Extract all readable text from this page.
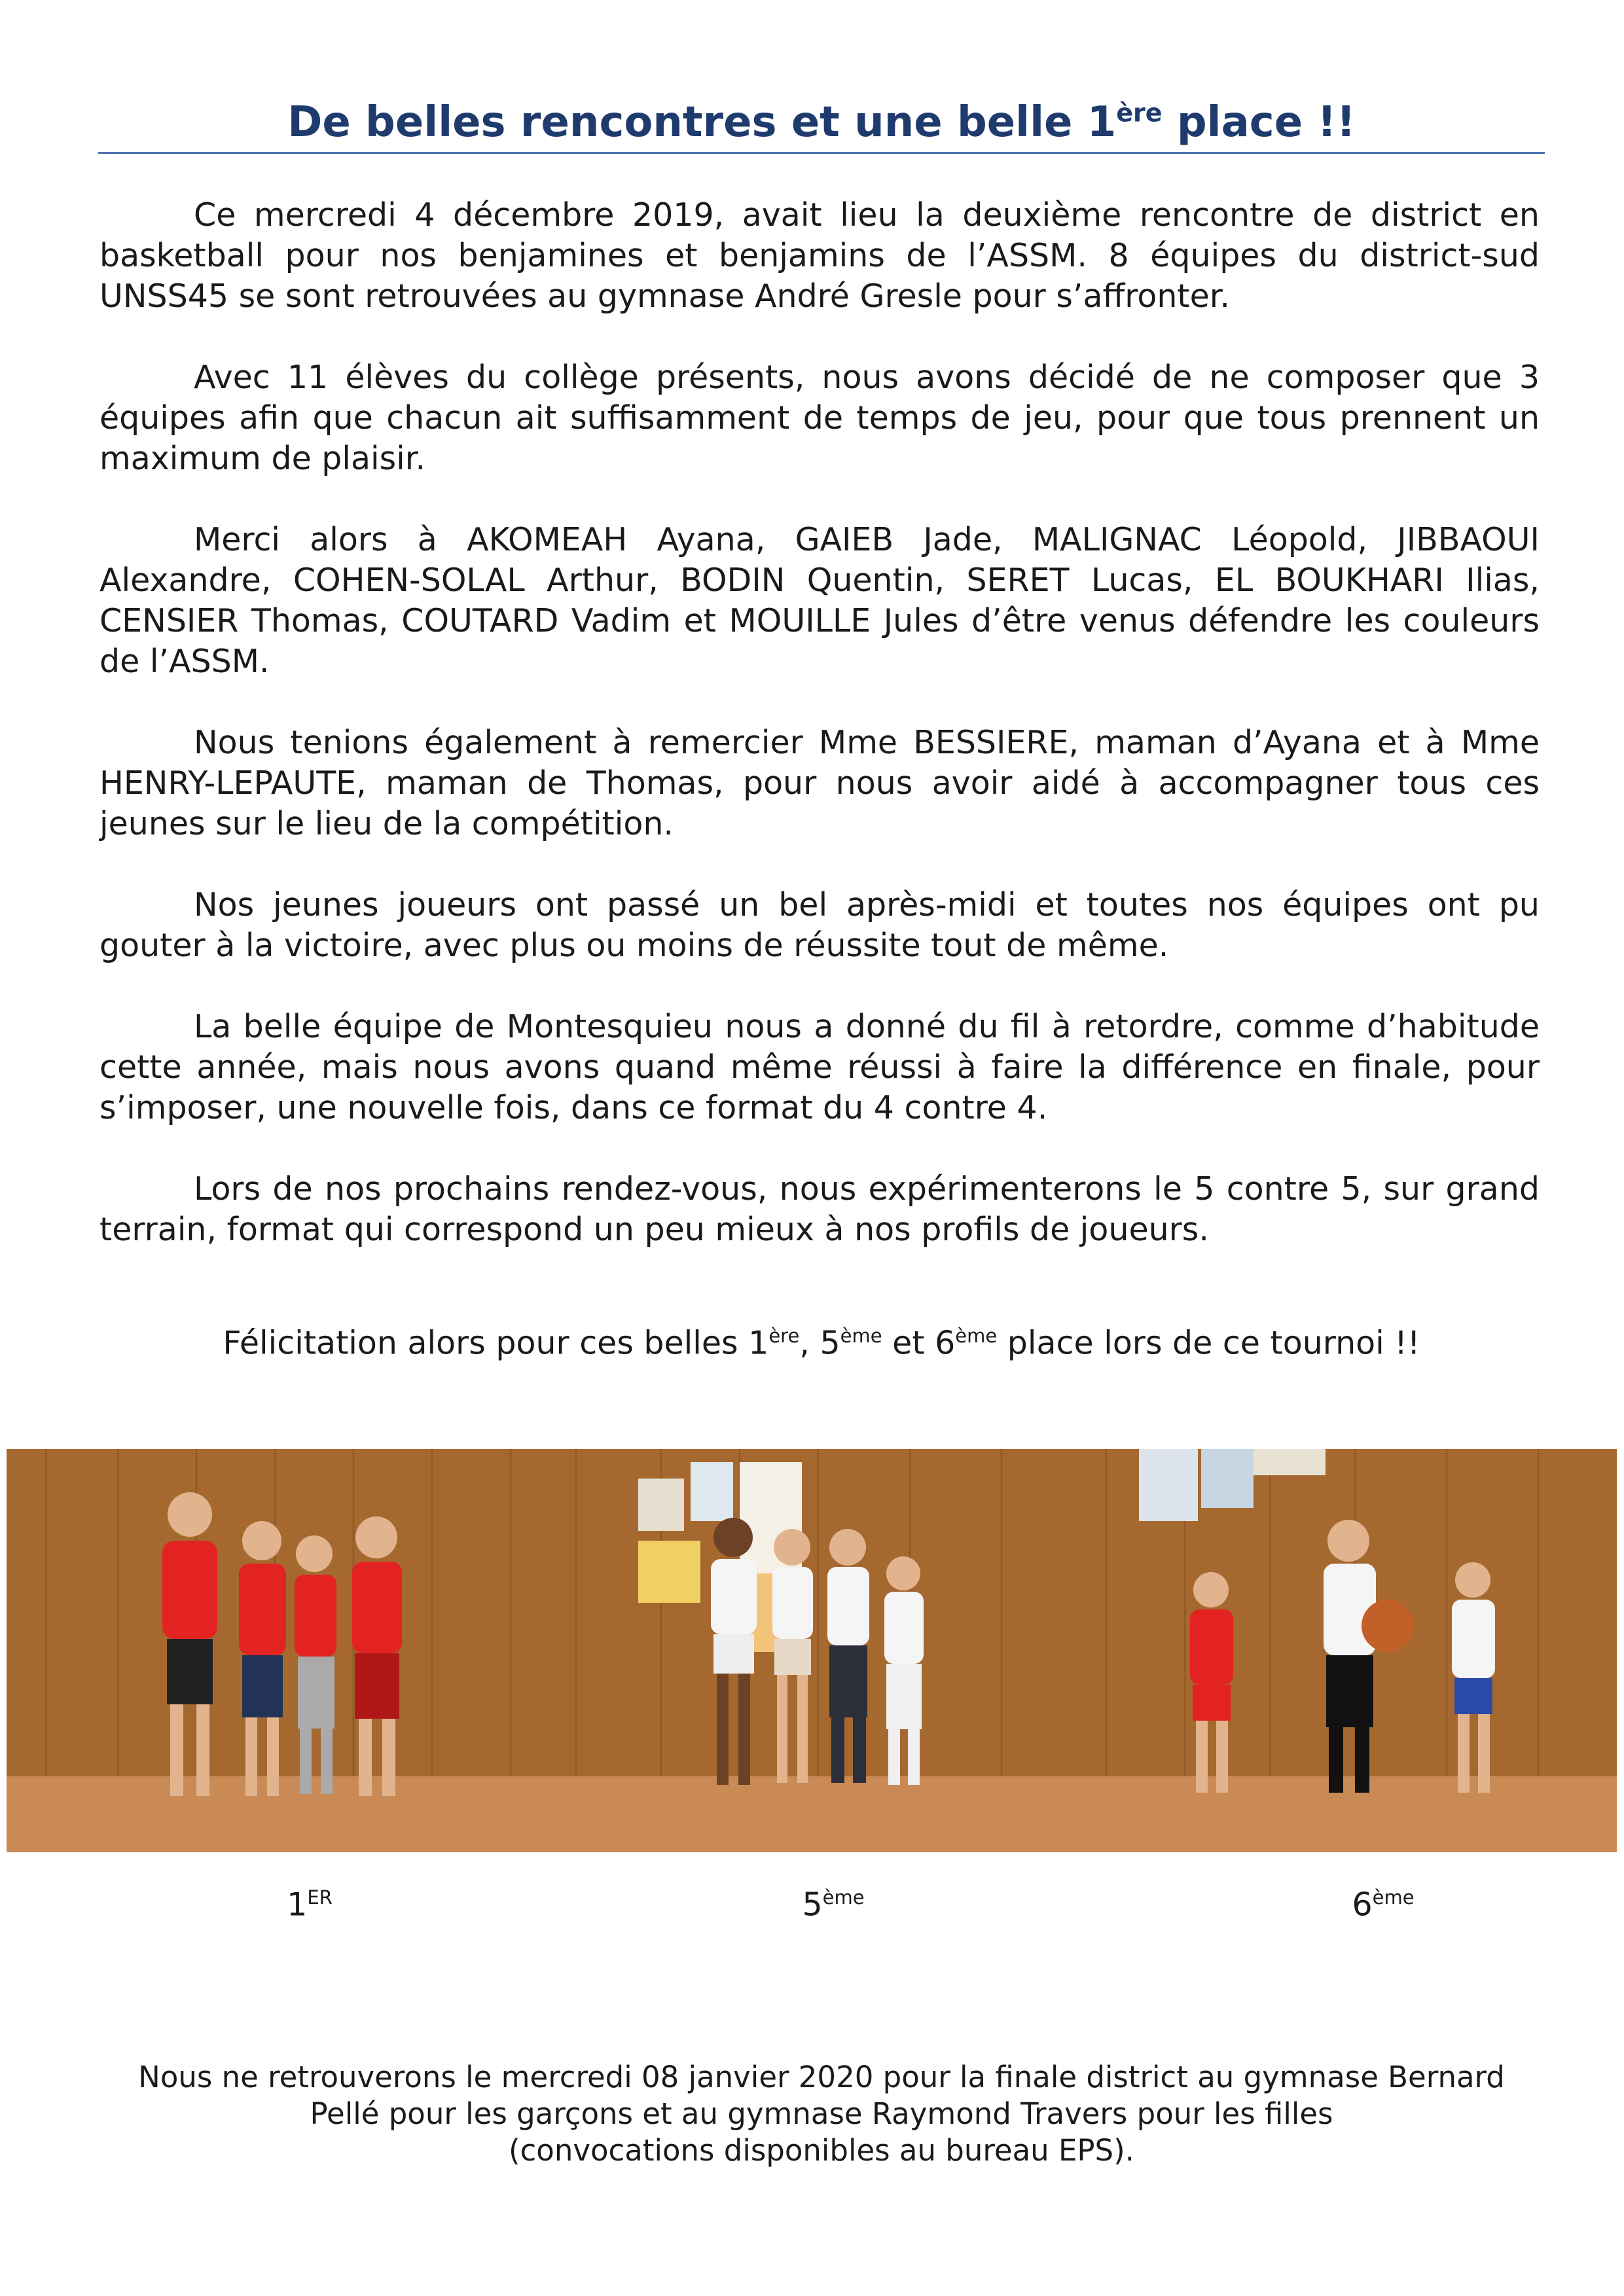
De belles rencontres et une belle 1ère place !!

Ce mercredi 4 décembre 2019, avait lieu la deuxième rencontre de district en basketball pour nos benjamines et benjamins de l’ASSM. 8 équipes du district-sud UNSS45 se sont retrouvées au gymnase André Gresle pour s’affronter.

Avec 11 élèves du collège présents, nous avons décidé de ne composer que 3 équipes afin que chacun ait suffisamment de temps de jeu, pour que tous prennent un maximum de plaisir.

Merci alors à AKOMEAH Ayana, GAIEB Jade, MALIGNAC Léopold, JIBBAOUI Alexandre, COHEN-SOLAL Arthur, BODIN Quentin, SERET Lucas, EL BOUKHARI Ilias, CENSIER Thomas, COUTARD Vadim et MOUILLE Jules d’être venus défendre les couleurs de l’ASSM.

Nous tenions également à remercier Mme BESSIERE, maman d’Ayana et à Mme HENRY-LEPAUTE, maman de Thomas, pour nous avoir aidé à accompagner tous ces jeunes sur le lieu de la compétition.

Nos jeunes joueurs ont passé un bel après-midi et toutes nos équipes ont pu gouter à la victoire, avec plus ou moins de réussite tout de même.

La belle équipe de Montesquieu nous a donné du fil à retordre, comme d’habitude cette année, mais nous avons quand même réussi à faire la différence en finale, pour s’imposer, une nouvelle fois, dans ce format du 4 contre 4.

Lors de nos prochains rendez-vous, nous expérimenterons le 5 contre 5, sur grand terrain, format qui correspond un peu mieux à nos profils de joueurs.

Félicitation alors pour ces belles 1ère, 5ème et 6ème place lors de ce tournoi !!

1ER	5ème	6ème

Nous ne retrouverons le mercredi 08 janvier 2020 pour la finale district au gymnase Bernard
Pellé pour les garçons et au gymnase Raymond Travers pour les filles
(convocations disponibles au bureau EPS).
